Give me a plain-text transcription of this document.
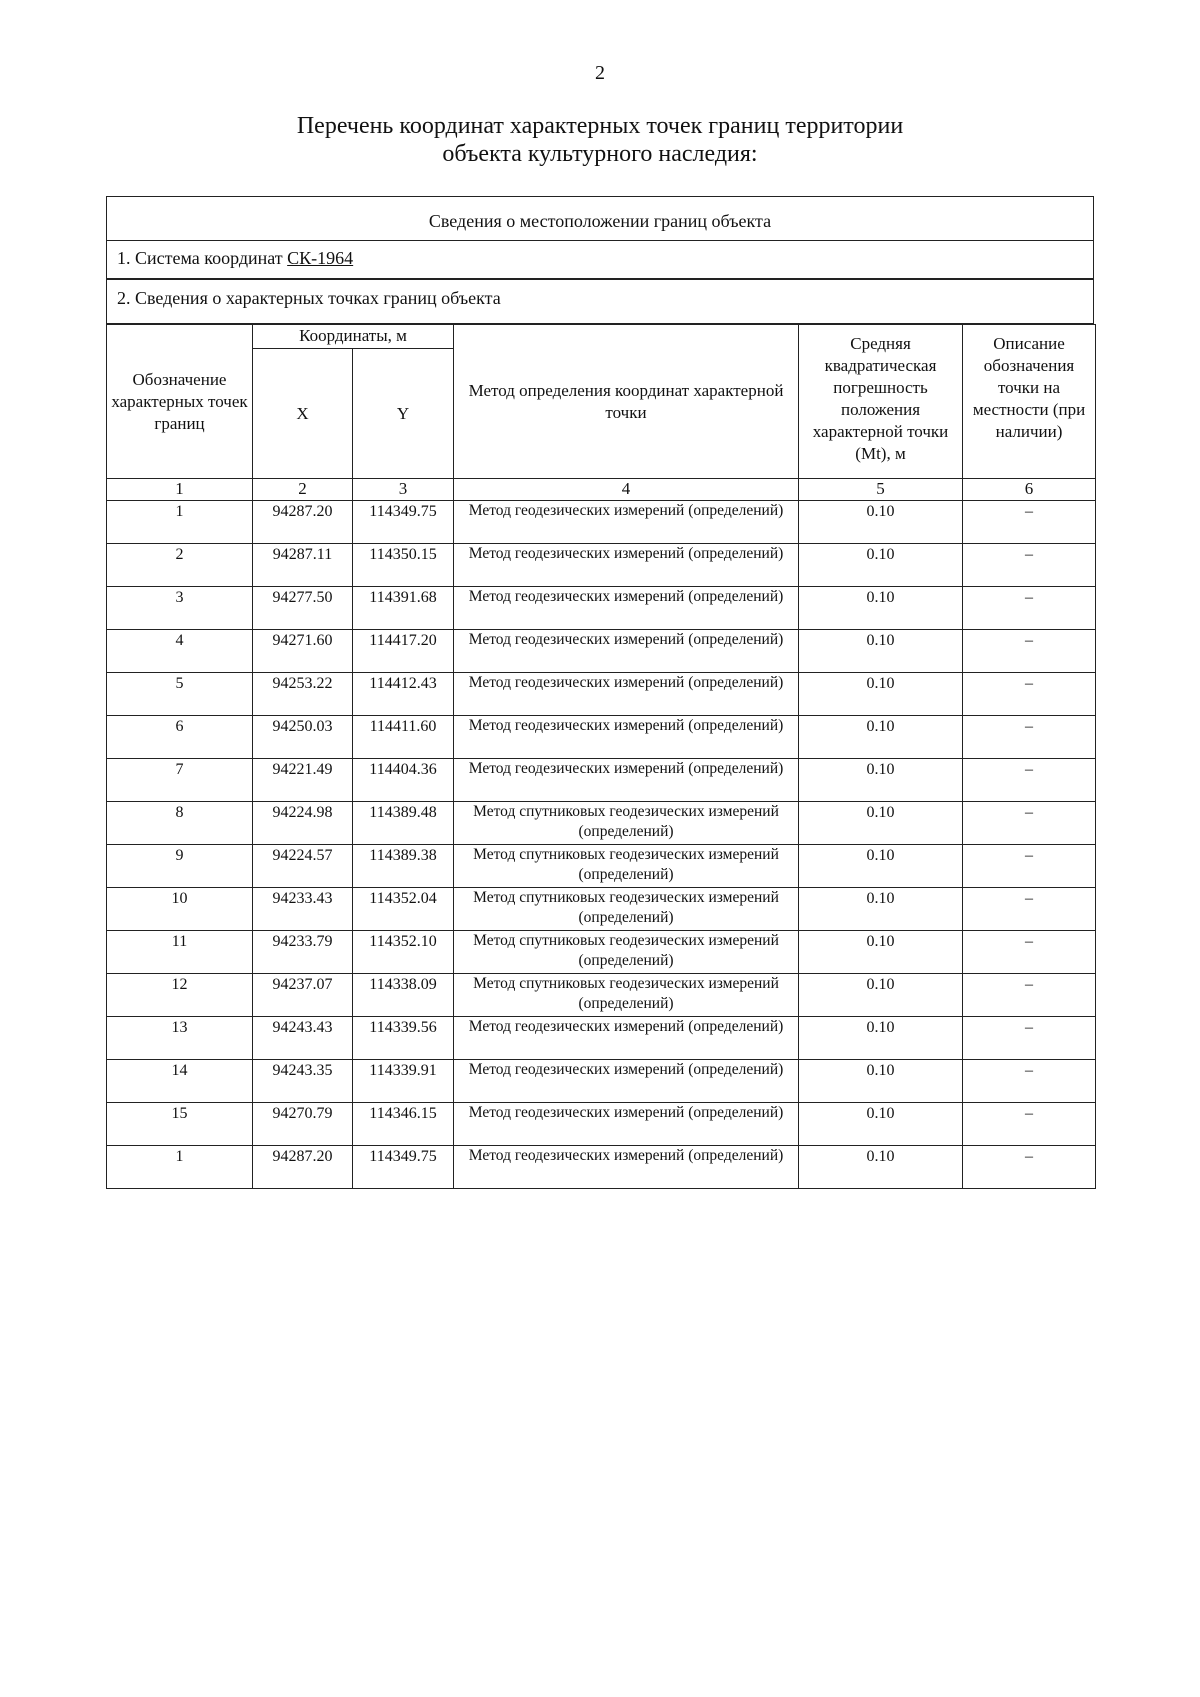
2
Перечень координат характерных точек границ территории
объекта культурного наследия:
Сведения о местоположении границ объекта
1. Система координат СК-1964
2. Сведения о характерных точках границ объекта
Обозначение характерных точек границ	Координаты, м		Метод определения координат характерной точки	Средняя квадратическая погрешность положения характерной точки (Mt), м	Описание обозначения точки на местности (при наличии)
	X	Y			
1	2	3	4	5	6
1	94287.20	114349.75	Метод геодезических измерений (определений)	0.10	–
2	94287.11	114350.15	Метод геодезических измерений (определений)	0.10	–
3	94277.50	114391.68	Метод геодезических измерений (определений)	0.10	–
4	94271.60	114417.20	Метод геодезических измерений (определений)	0.10	–
5	94253.22	114412.43	Метод геодезических измерений (определений)	0.10	–
6	94250.03	114411.60	Метод геодезических измерений (определений)	0.10	–
7	94221.49	114404.36	Метод геодезических измерений (определений)	0.10	–
8	94224.98	114389.48	Метод спутниковых геодезических измерений (определений)	0.10	–
9	94224.57	114389.38	Метод спутниковых геодезических измерений (определений)	0.10	–
10	94233.43	114352.04	Метод спутниковых геодезических измерений (определений)	0.10	–
11	94233.79	114352.10	Метод спутниковых геодезических измерений (определений)	0.10	–
12	94237.07	114338.09	Метод спутниковых геодезических измерений (определений)	0.10	–
13	94243.43	114339.56	Метод геодезических измерений (определений)	0.10	–
14	94243.35	114339.91	Метод геодезических измерений (определений)	0.10	–
15	94270.79	114346.15	Метод геодезических измерений (определений)	0.10	–
1	94287.20	114349.75	Метод геодезических измерений (определений)	0.10	–
